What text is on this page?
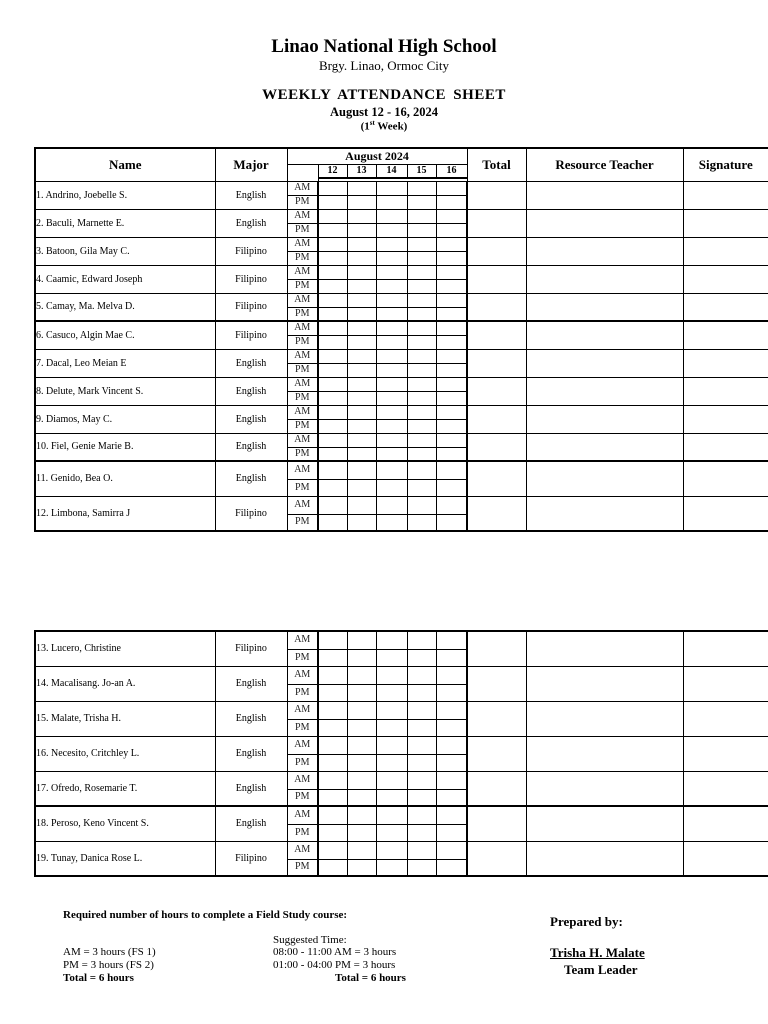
Linao National High School
Brgy. Linao, Ormoc City
WEEKLY ATTENDANCE SHEET
August 12 - 16, 2024
(1st Week)
Name	Major	August 2024						Total	Resource Teacher	Signature
			12	13	14	15	16			

1. Andrino, Joebelle S.	English	AM								
		PM								
2. Baculi, Marnette E.	English	AM								
		PM								
3. Batoon, Gila May C.	Filipino	AM								
		PM								
4. Caamic, Edward Joseph	Filipino	AM								
		PM								
5. Camay, Ma. Melva D.	Filipino	AM								
		PM								
6. Casuco, Algin Mae C.	Filipino	AM								
		PM								
7. Dacal, Leo Meian E	English	AM								
		PM								
8. Delute, Mark Vincent S.	English	AM								
		PM								
9. Diamos, May C.	English	AM								
		PM								
10. Fiel, Genie Marie B.	English	AM								
		PM								
11. Genido, Bea O.	English	AM								
		PM								
12. Limbona, Samirra J	Filipino	AM								
		PM								
13. Lucero, Christine	Filipino	AM								
		PM								
14. Macalisang. Jo-an A.	English	AM								
		PM								
15. Malate, Trisha H.	English	AM								
		PM								
16. Necesito, Critchley L.	English	AM								
		PM								
17. Ofredo, Rosemarie T.	English	AM								
		PM								
18. Peroso, Keno Vincent S.	English	AM								
		PM								
19. Tunay, Danica Rose L.	Filipino	AM								
		PM								
Required number of hours to complete a Field Study course:
AM = 3 hours (FS 1)
PM = 3 hours (FS 2)
Total = 6 hours
Suggested Time:
08:00 - 11:00 AM = 3 hours
01:00 - 04:00 PM = 3 hours
Total = 6 hours
Prepared by:
Trisha H. Malate
Team Leader
